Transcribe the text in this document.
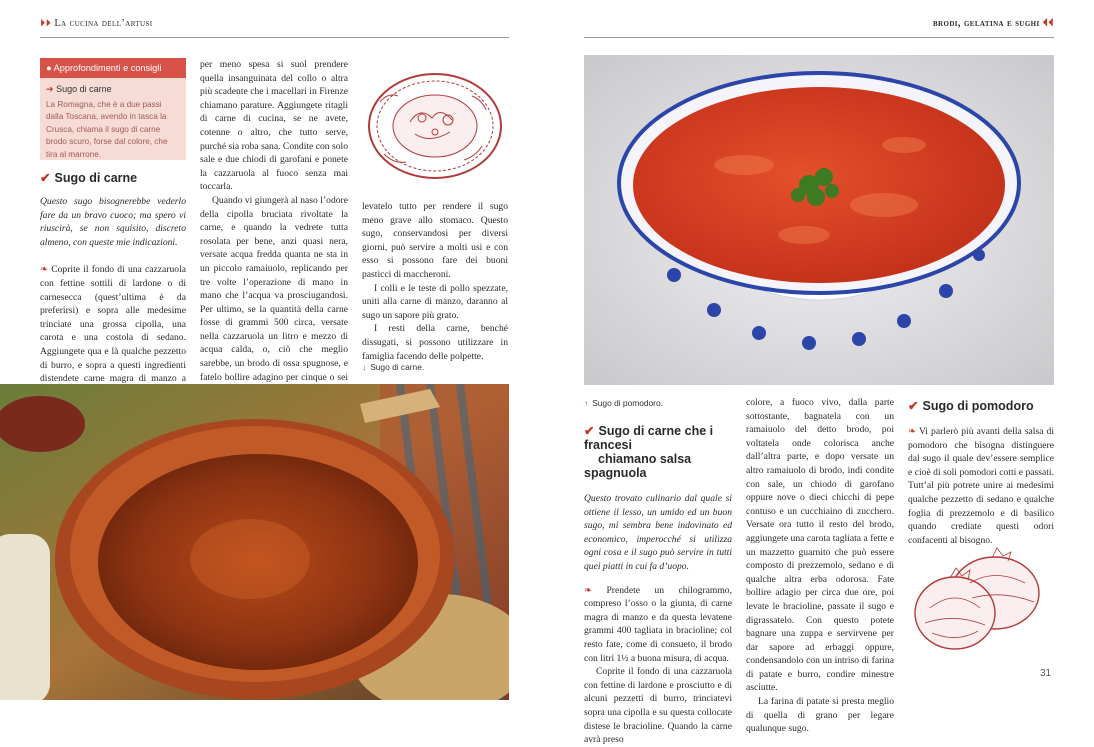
⏵⏵ La cucina dell’artusi	brodi, gelatina e sughi ⏴⏴
● Approfondimenti e consigli
➔ Sugo di carne
La Romagna, che è a due passi dalla Toscana, avendo in tasca la Crusca, chiama il sugo di carne brodo scuro, forse dal colore, che tira al marrone.
✔ Sugo di carne
Questo sugo bisognerebbe vederlo fare da un bravo cuoco; ma spero vi riuscirà, se non squisito, discreto almeno, con queste mie indicazioni.
❧ Coprite il fondo di una cazzaruola con fettine sottili di lardone o di carnesecca (quest’ultima è da preferirsi) e sopra alle medesime trinciate una grossa cipolla, una carota e una costola di sedano. Aggiungete qua e là qualche pezzetto di burro, e sopra a questi ingredienti distendete carne magra di manzo a
per meno spesa si suol prendere quella insanguinata del collo o altra più scadente che i macellari in Firenze chiamano parature. Aggiungete ritagli di carne di cucina, se ne avete, cotenne o altro, che tutto serve, purché sia roba sana. Condite con solo sale e due chiodi di garofani e ponete la cazzaruola al fuoco senza mai toccarla.
Quando vi giungerà al naso l’odore della cipolla bruciata rivoltate la carne, e quando la vedrete tutta rosolata per bene, anzi quasi nera, versate acqua fredda quanta ne sta in un piccolo ramaiuolo, replicando per tre volte l’operazione di mano in mano che l’acqua va prosciugandosi. Per ultimo, se la quantità della carne fosse di grammi 500 circa, versate nella cazzaruola un litro e mezzo di acqua calda, o, ciò che meglio sarebbe, un brodo di ossa spugnose, e fatelo bollire adagino per cinque o sei
levatelo tutto per rendere il sugo meno grave allo stomaco. Questo sugo, conservandosi per diversi giorni, può servire a molti usi e con esso si possono fare dei buoni pasticci di maccheroni.
I colli e le teste di pollo spezzate, uniti alla carne di manzo, daranno al sugo un sapore più grato.
I resti della carne, benché dissugati, si possono utilizzare in famiglia facendo delle polpette.
↓ Sugo di carne.
↑ Sugo di pomodoro.
✔ Sugo di carne che i francesi
chiamano salsa spagnuola
Questo trovato culinario dal quale si ottiene il lesso, un umido ed un buon sugo, mi sembra bene indovinato ed economico, imperocché si utilizza ogni cosa e il sugo può servire in tutti quei piatti in cui fa d’uopo.
❧ Prendete un chilogrammo, compreso l’osso o la giunta, di carne magra di manzo e da questa levatene grammi 400 tagliata in bracioline; col resto fate, come di consueto, il brodo con litri 1½ a buona misura, di acqua.
Coprite il fondo di una cazzaruola con fettine di lardone e prosciutto e di alcuni pezzetti di burro, trinciatevi sopra una cipolla e su questa collocate distese le bracioline. Quando la carne avrà preso
colore, a fuoco vivo, dalla parte sottostante, bagnatela con un ramaiuolo del detto brodo, poi voltatela onde colorisca anche dall’altra parte, e dopo versate un altro ramaiuolo di brodo, indi condite con sale, un chiodo di garofano oppure nove o dieci chicchi di pepe contuso e un cucchiaino di zucchero. Versate ora tutto il resto del brodo, aggiungete una carota tagliata a fette e un mazzetto guarnito che può essere composto di prezzemolo, sedano e di qualche altra erba odorosa. Fate bollire adagio per circa due ore, poi levate le bracioline, passate il sugo e digrassatelo. Con questo potete bagnare una zuppa e servirvene per dar sapore ad erbaggi oppure, condensandolo con un intriso di farina di patate e burro, condire minestre asciutte.
La farina di patate si presta meglio di quella di grano per legare qualunque sugo.
✔ Sugo di pomodoro
❧ Vi parlerò più avanti della salsa di pomodoro che bisogna distinguere dal sugo il quale dev’essere semplice e cioè di soli pomodori cotti e passati. Tutt’al più potrete unire ai medesimi qualche pezzetto di sedano e qualche foglia di prezzemolo e di basilico quando crediate questi odori confacenti al bisogno.
31
